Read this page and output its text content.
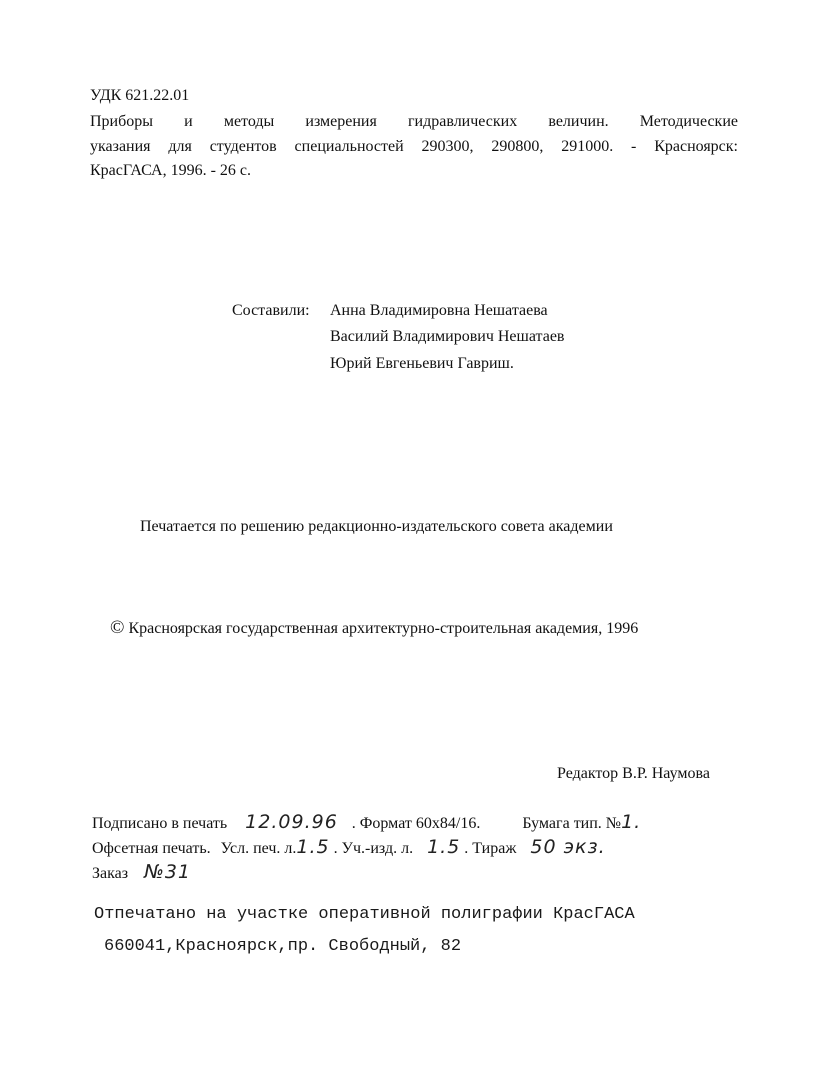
УДК 621.22.01
Приборы и методы измерения гидравлических величин. Методические
указания для студентов специальностей 290300, 290800, 291000. - Красноярск:
КрасГАСА, 1996. - 26 с.
Составили: Анна Владимировна Нешатаева
Василий Владимирович Нешатаев
Юрий Евгеньевич Гавриш.
Печатается по решению редакционно-издательского совета академии
© Красноярская государственная архитектурно-строительная академия, 1996
Редактор В.Р. Наумова
Подписано в печать 12.09.96 . Формат 60x84/16.	Бумага тип. №1.
Офсетная печать. Усл. печ. л.1.5 . Уч.-изд. л. 1.5 . Тираж 50 экз.
Заказ №31
Отпечатано на участке оперативной полиграфии КрасГАСА
660041,Красноярск,пр. Свободный, 82
